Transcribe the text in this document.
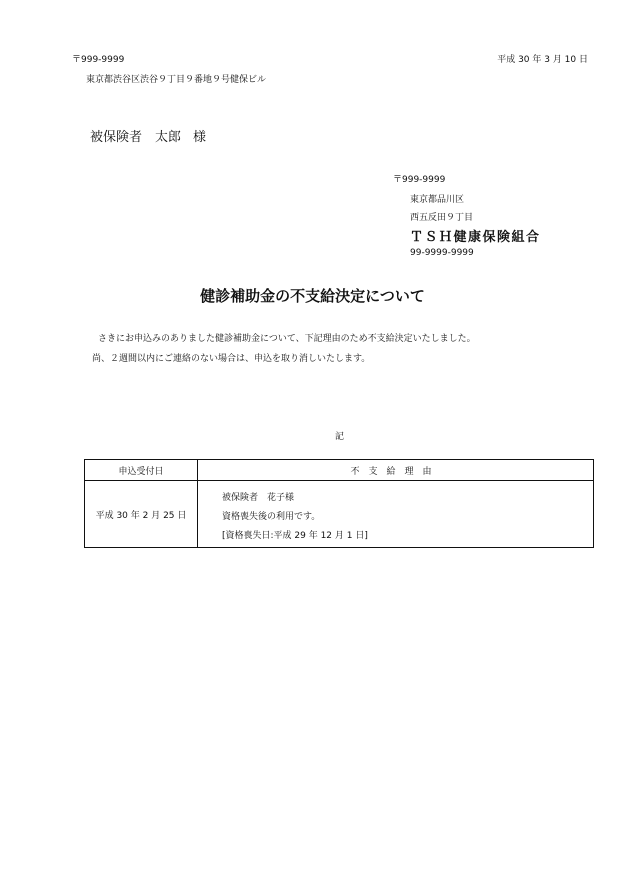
〒999-9999	平成 30 年 3 月 10 日
東京都渋谷区渋谷９丁目９番地９号健保ビル
被保険者　太郎 様
〒999-9999
東京都品川区
西五反田９丁目
ＴＳＨ健康保険組合
99-9999-9999
健診補助金の不支給決定について
さきにお申込みのありました健診補助金について、下記理由のため不支給決定いたしました。
尚、２週間以内にご連絡のない場合は、申込を取り消しいたします。
記
申込受付日	不支給理由
平成 30 年 2 月 25 日	被保険者　花子様
資格喪失後の利用です。
[資格喪失日:平成 29 年 12 月 1 日]
